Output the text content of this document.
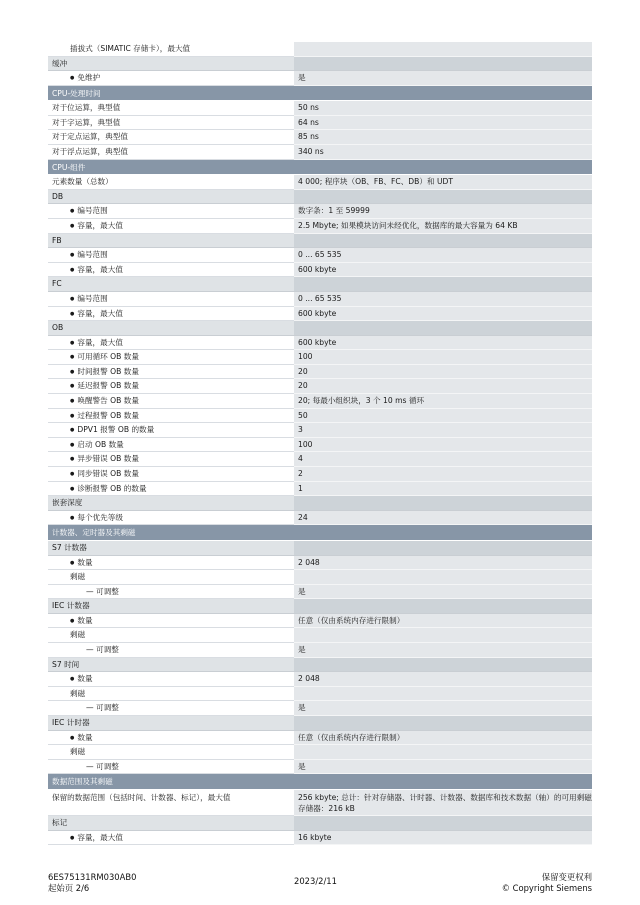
插拔式（SIMATIC 存储卡），最大值
缓冲
● 免维护	是
CPU-处理时间
对于位运算，典型值	50 ns
对于字运算，典型值	64 ns
对于定点运算，典型值	85 ns
对于浮点运算，典型值	340 ns
CPU-组件
元素数量（总数）	4 000; 程序块（OB、FB、FC、DB）和 UDT
DB
● 编号范围	数字条：1 至 59999
● 容量，最大值	2.5 Mbyte; 如果模块访问未经优化，数据库的最大容量为 64 KB
FB
● 编号范围	0 ... 65 535
● 容量，最大值	600 kbyte
FC
● 编号范围	0 ... 65 535
● 容量，最大值	600 kbyte
OB
● 容量，最大值	600 kbyte
● 可用循环 OB 数量	100
● 时间报警 OB 数量	20
● 延迟报警 OB 数量	20
● 唤醒警告 OB 数量	20; 每最小组织块，3 个 10 ms 循环
● 过程报警 OB 数量	50
● DPV1 报警 OB 的数量	3
● 启动 OB 数量	100
● 异步错误 OB 数量	4
● 同步错误 OB 数量	2
● 诊断报警 OB 的数量	1
嵌套深度
● 每个优先等级	24
计数器、定时器及其剩磁
S7 计数器
● 数量	2 048
剩磁
— 可调整	是
IEC 计数器
● 数量	任意（仅由系统内存进行限制）
剩磁
— 可调整	是
S7 时间
● 数量	2 048
剩磁
— 可调整	是
IEC 计时器
● 数量	任意（仅由系统内存进行限制）
剩磁
— 可调整	是
数据范围及其剩磁
保留的数据范围（包括时间、计数器、标记），最大值	256 kbyte; 总计：针对存储器、计时器、计数器、数据库和技术数据（轴）的可用剩磁存储器：216 kB
标记
● 容量，最大值	16 kbyte
6ES75131RM030AB0
起始页 2/6
2023/2/11	保留变更权利
© Copyright Siemens
